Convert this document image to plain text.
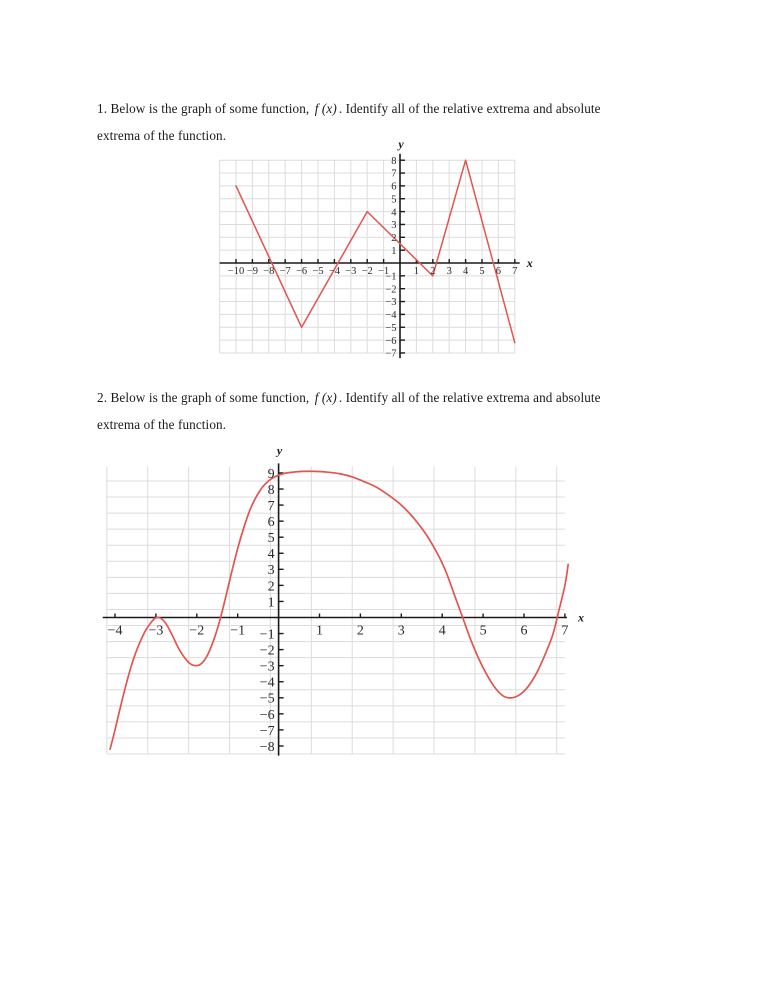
1. Below is the graph of some function, f (x) . Identify all of the relative extrema and absolute
extrema of the function.
−10 −9 −8 −7 −6 −5 −4 −3 −2 −1 1 2 3 4 5 6 7
8
7
6
5
4
3
2
1
−1
−2
−3
−4
−5
−6
−7
x
y
2. Below is the graph of some function, f (x) . Identify all of the relative extrema and absolute
extrema of the function.
−4 −3 −2 −1	1 2 3 4 5 6 7
9
8
7
6
5
4
3
2
1
−1
−2
−3
−4
−5
−6
−7
−8
x
y
